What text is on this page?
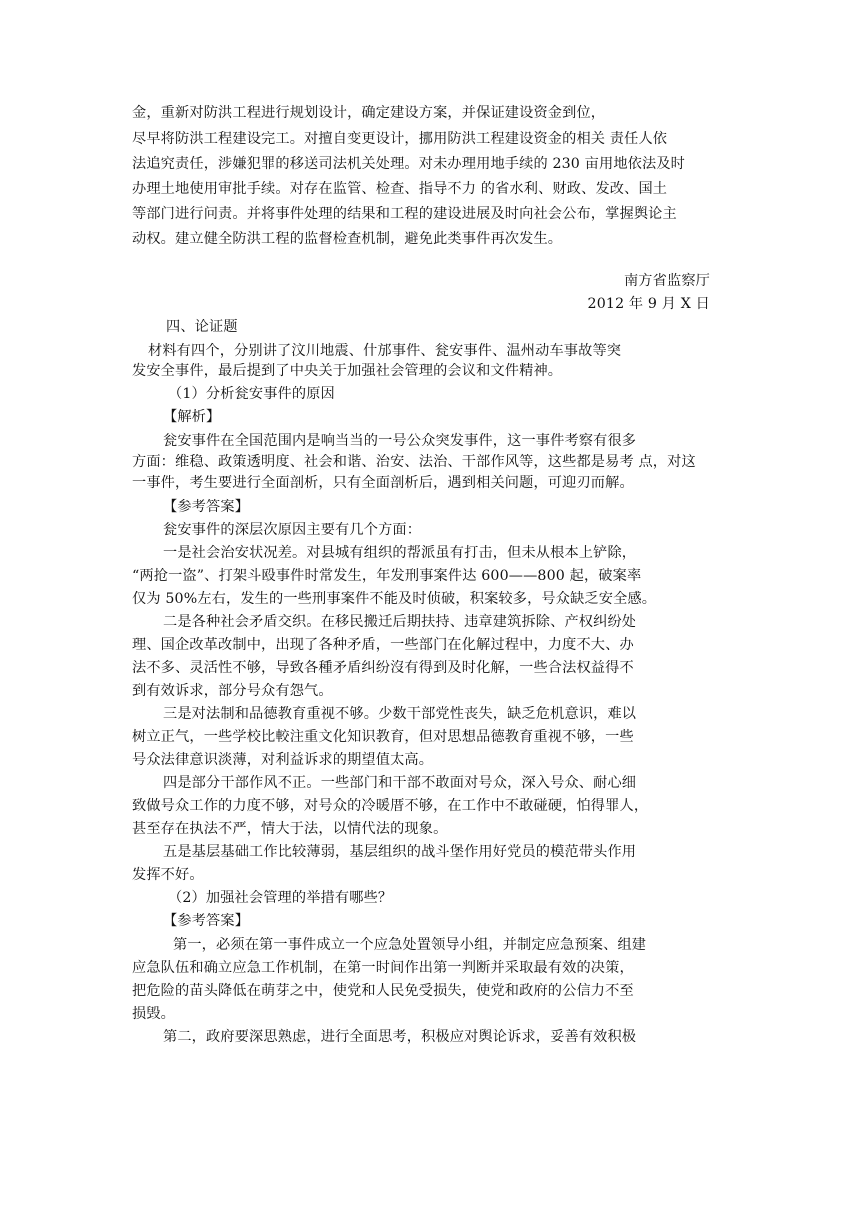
金，重新对防洪工程进行规划设计，确定建设方案，并保证建设资金到位，
尽早将防洪工程建设完工。对擅自变更设计，挪用防洪工程建设资金的相关 责任人依
法追究责任，涉嫌犯罪的移送司法机关处理。对未办理用地手续的 230 亩用地依法及时
办理土地使用审批手续。对存在监管、检查、指导不力 的省水利、财政、发改、国土
等部门进行问责。并将事件处理的结果和工程的建设进展及时向社会公布，掌握舆论主
动权。建立健全防洪工程的监督检查机制，避免此类事件再次发生。
南方省监察厅
2012 年 9 月 X 日
四、论证题
材料有四个，分别讲了汶川地震、什邡事件、瓮安事件、温州动车事故等突
发安全事件，最后提到了中央关于加强社会管理的会议和文件精神。
（1）分析瓮安事件的原因
【解析】
瓮安事件在全国范围内是响当当的一号公众突发事件，这一事件考察有很多
方面：维稳、政策透明度、社会和谐、治安、法治、干部作风等，这些都是易考 点，对这
一事件，考生要进行全面剖析，只有全面剖析后，遇到相关问题，可迎刃而解。
【参考答案】
瓮安事件的深层次原因主要有几个方面：
一是社会治安状况差。对县城有组织的帮派虽有打击，但未从根本上铲除，
“两抢一盗”、打架斗殴事件时常发生，年发刑事案件达 600——800 起，破案率
仅为 50%左右，发生的一些刑事案件不能及时侦破，积案较多，号众缺乏安全感。
二是各种社会矛盾交织。在移民搬迁后期扶持、违章建筑拆除、产权纠纷处
理、国企改革改制中，出现了各种矛盾，一些部门在化解过程中，力度不大、办
法不多、灵活性不够，导致各種矛盾纠纷沒有得到及时化解，一些合法权益得不
到有效诉求，部分号众有怨气。
三是对法制和品德教育重视不够。少数干部党性丧失，缺乏危机意识，难以
树立正气，一些学校比較注重文化知识教育，但对思想品德教育重视不够，一些
号众法律意识淡薄，对利益诉求的期望值太高。
四是部分干部作风不正。一些部门和干部不敢面对号众，深入号众、耐心细
致做号众工作的力度不够，对号众的冷暖厝不够，在工作中不敢碰硬，怕得罪人，
甚至存在执法不严，情大于法，以情代法的现象。
五是基层基础工作比较薄弱，基层组织的战斗堡作用好党员的模范带头作用
发挥不好。
（2）加强社会管理的举措有哪些？
【参考答案】
第一，必须在第一事件成立一个应急处置领导小组，并制定应急预案、组建
应急队伍和确立应急工作机制，在第一时间作出第一判断并采取最有效的决策，
把危险的苗头降低在萌芽之中，使党和人民免受损失，使党和政府的公信力不至
损毁。
第二，政府要深思熟虑，进行全面思考，积极应对舆论诉求，妥善有效积极
